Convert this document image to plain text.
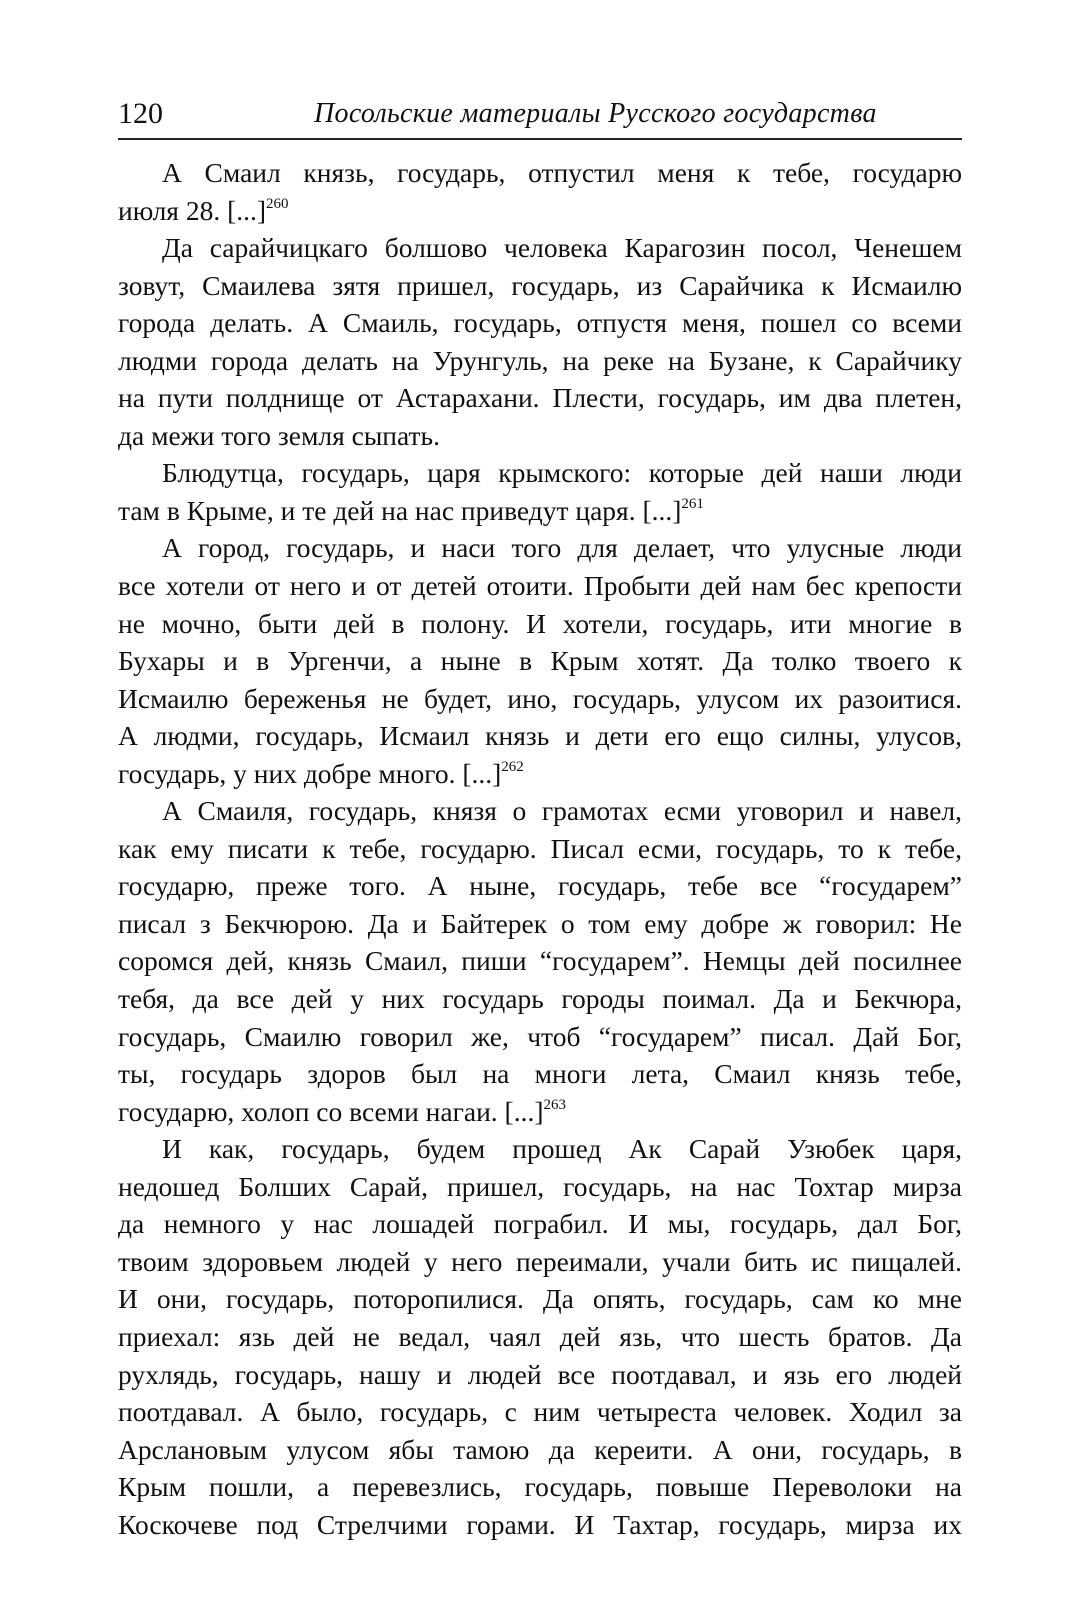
120	Посольские материалы Русского государства
А Смаил князь, государь, отпустил меня к тебе, государю
июля 28. [...]$^{260}$
Да сарайчицкаго болшово человека Карагозин посол, Ченешем
зовут, Смаилева зятя пришел, государь, из Сарайчика к Исмаилю
города делать. А Смаиль, государь, отпустя меня, пошел со всеми
людми города делать на Урунгуль, на реке на Бузане, к Сарайчику
на пути полднище от Астарахани. Плести, государь, им два плетен,
да межи того земля сыпать.
Блюдутца, государь, царя крымского: которые дей наши люди
там в Крыме, и те дей на нас приведут царя. [...]$^{261}$
А город, государь, и наси того для делает, что улусные люди
все хотели от него и от детей отоити. Пробыти дей нам бес крепости
не мочно, быти дей в полону. И хотели, государь, ити многие в
Бухары и в Ургенчи, а ныне в Крым хотят. Да толко твоего к
Исмаилю береженья не будет, ино, государь, улусом их разоитися.
А людми, государь, Исмаил князь и дети его ещо силны, улусов,
государь, у них добре много. [...]$^{262}$
А Смаиля, государь, князя о грамотах есми уговорил и навел,
как ему писати к тебе, государю. Писал есми, государь, то к тебе,
государю, преже того. А ныне, государь, тебе все “государем”
писал з Бекчюрою. Да и Байтерек о том ему добре ж говорил: Не
соромся дей, князь Смаил, пиши “государем”. Немцы дей посилнее
тебя, да все дей у них государь городы поимал. Да и Бекчюра,
государь, Смаилю говорил же, чтоб “государем” писал. Дай Бог,
ты, государь здоров был на многи лета, Смаил князь тебе,
государю, холоп со всеми нагаи. [...]$^{263}$
И как, государь, будем прошед Ак Сарай Узюбек царя,
недошед Болших Сарай, пришел, государь, на нас Тохтар мирза
да немного у нас лошадей пограбил. И мы, государь, дал Бог,
твоим здоровьем людей у него переимали, учали бить ис пищалей.
И они, государь, поторопилися. Да опять, государь, сам ко мне
приехал: язь дей не ведал, чаял дей язь, что шесть братов. Да
рухлядь, государь, нашу и людей все поотдавал, и язь его людей
поотдавал. А было, государь, с ним четыреста человек. Ходил за
Арслановым улусом ябы тамою да кереити. А они, государь, в
Крым пошли, а перевезлись, государь, повыше Переволоки на
Коскочеве под Стрелчими горами. И Тахтар, государь, мирза их
